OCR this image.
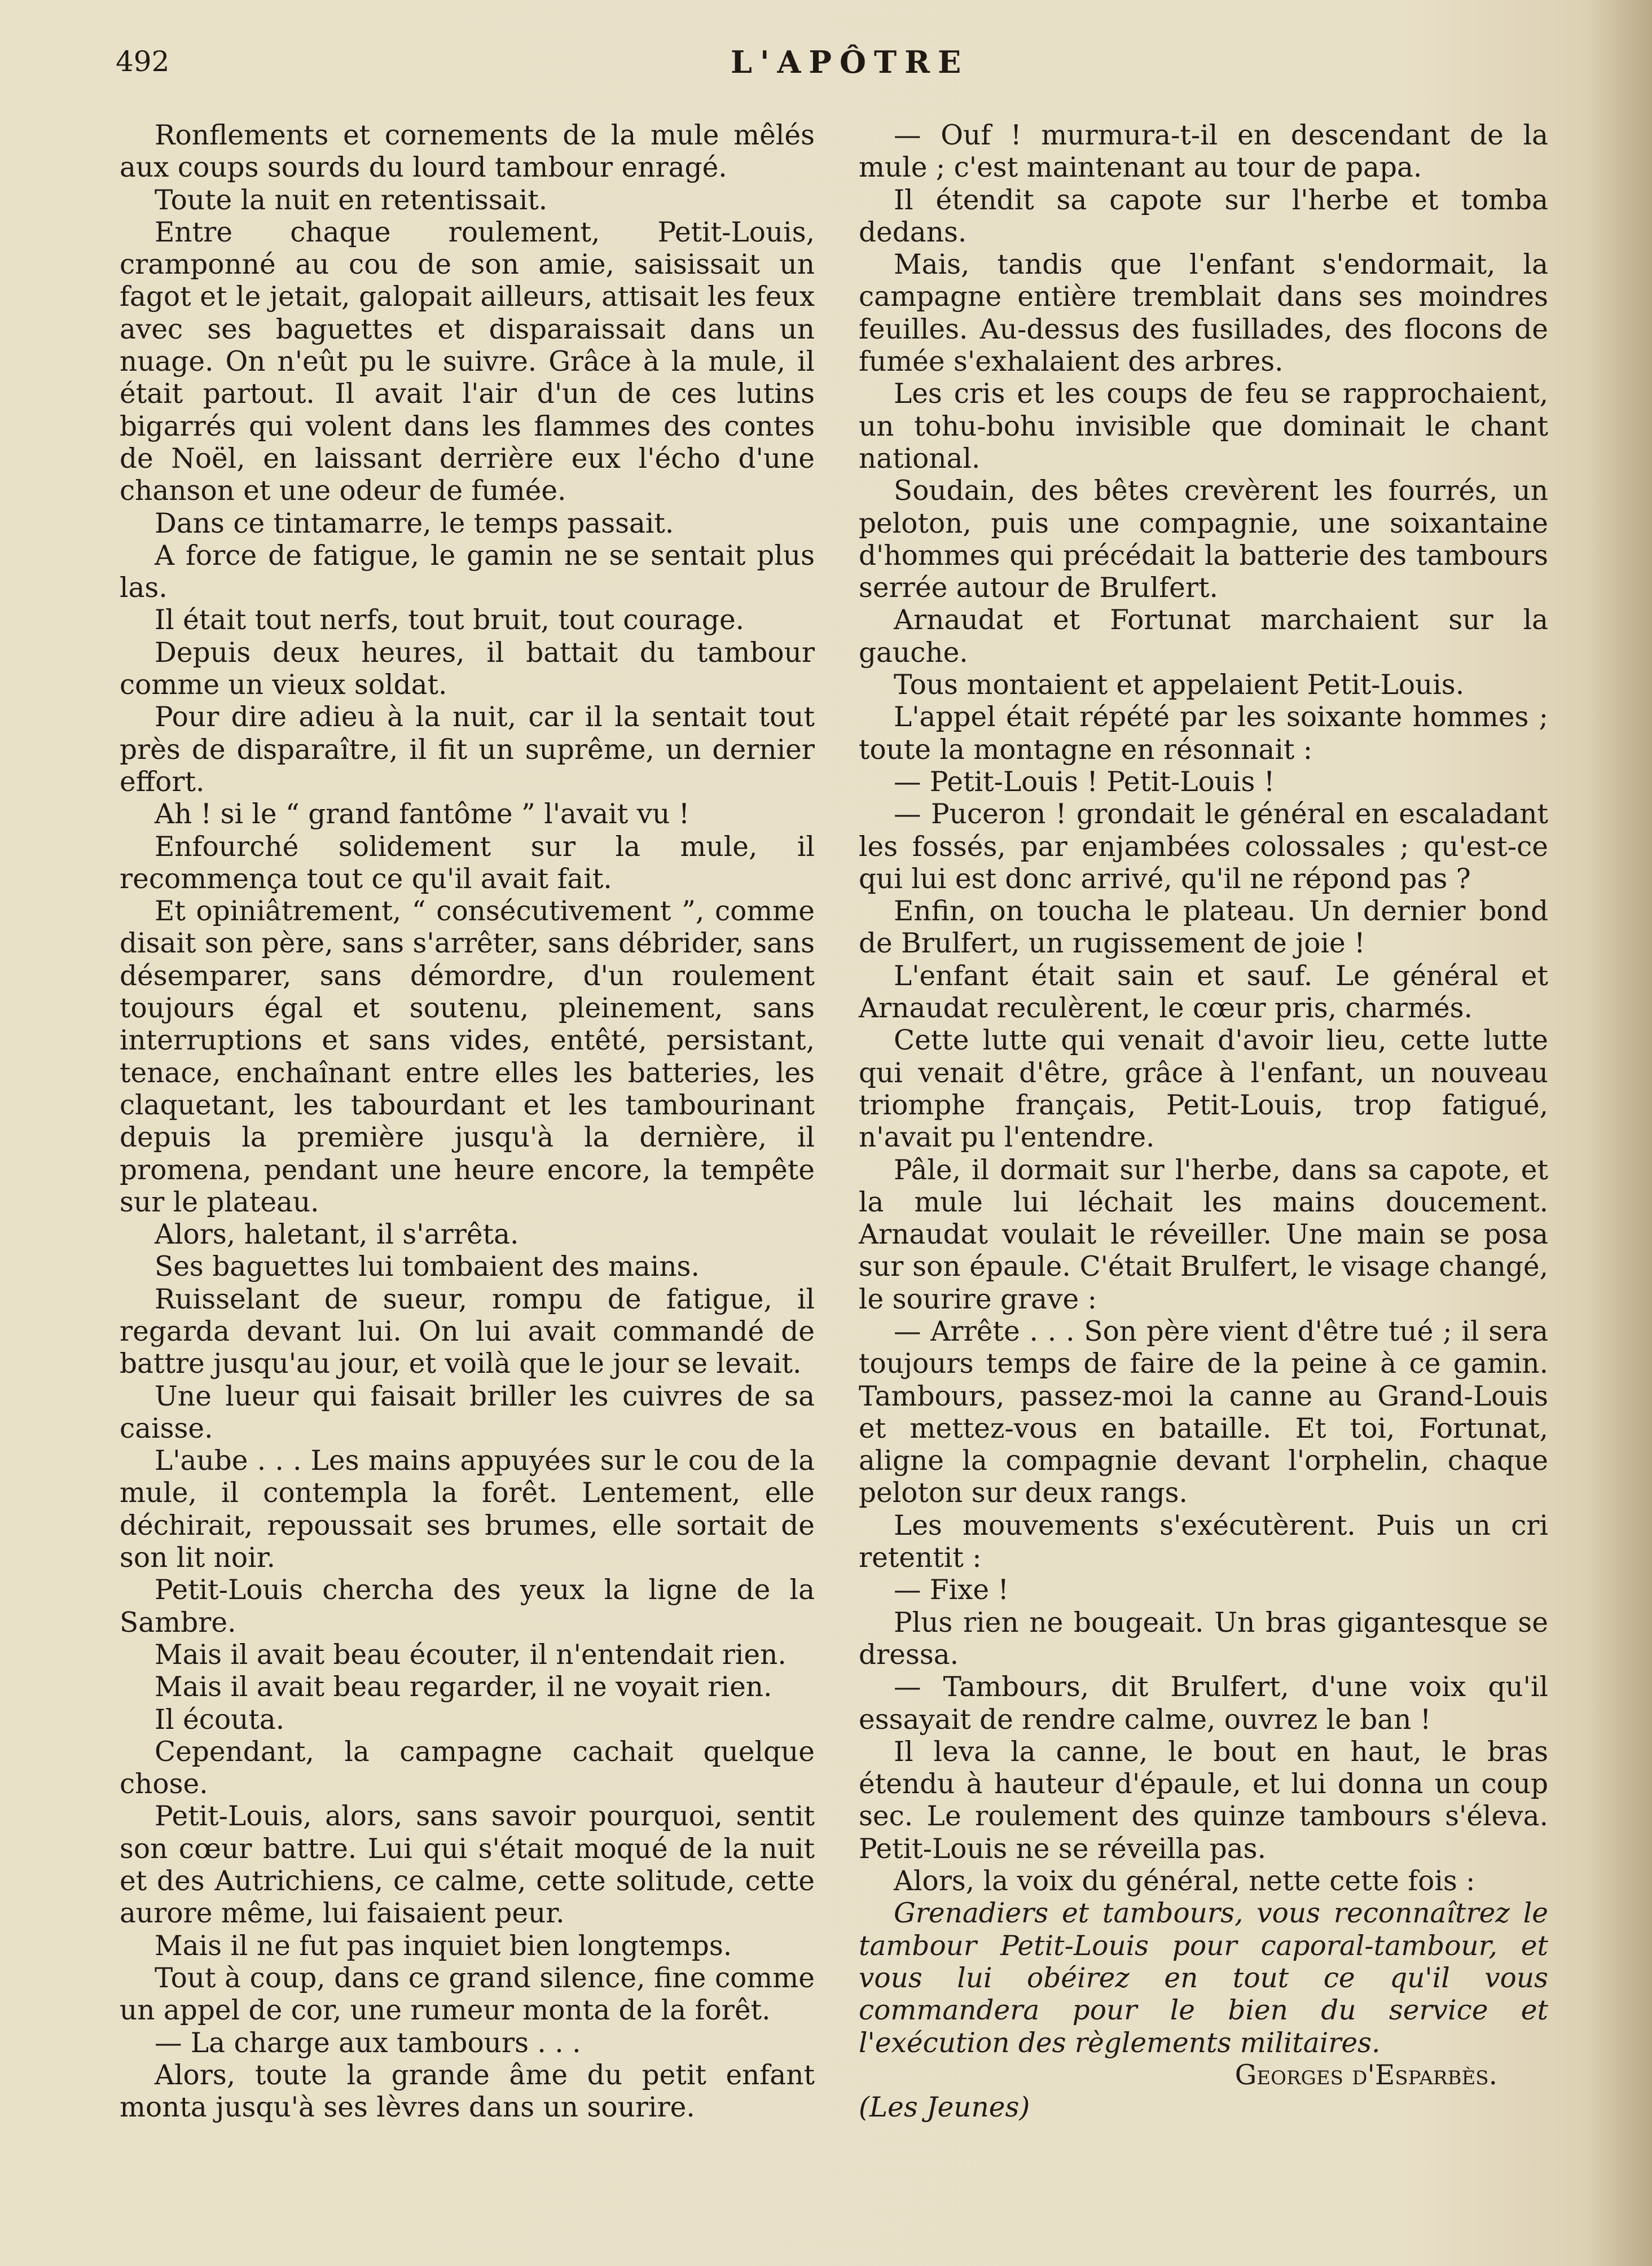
492	L'APÔTRE

Ronflements et cornements de la mule mêlés aux coups sourds du lourd tambour enragé.

Toute la nuit en retentissait.

Entre chaque roulement, Petit-Louis, cramponné au cou de son amie, saisissait un fagot et le jetait, galopait ailleurs, attisait les feux avec ses baguettes et disparaissait dans un nuage. On n'eût pu le suivre. Grâce à la mule, il était partout. Il avait l'air d'un de ces lutins bigarrés qui volent dans les flammes des contes de Noël, en laissant derrière eux l'écho d'une chanson et une odeur de fumée.

Dans ce tintamarre, le temps passait.

A force de fatigue, le gamin ne se sentait plus las.

Il était tout nerfs, tout bruit, tout courage.

Depuis deux heures, il battait du tambour comme un vieux soldat.

Pour dire adieu à la nuit, car il la sentait tout près de disparaître, il fit un suprême, un dernier effort.

Ah ! si le “ grand fantôme ” l'avait vu !

Enfourché solidement sur la mule, il recommença tout ce qu'il avait fait.

Et opiniâtrement, “ consécutivement ”, comme disait son père, sans s'arrêter, sans débrider, sans désemparer, sans démordre, d'un roulement toujours égal et soutenu, pleinement, sans interruptions et sans vides, entêté, persistant, tenace, enchaînant entre elles les batteries, les claquetant, les tabourdant et les tambourinant depuis la première jusqu'à la dernière, il promena, pendant une heure encore, la tempête sur le plateau.

Alors, haletant, il s'arrêta.

Ses baguettes lui tombaient des mains.

Ruisselant de sueur, rompu de fatigue, il regarda devant lui. On lui avait commandé de battre jusqu'au jour, et voilà que le jour se levait.

Une lueur qui faisait briller les cuivres de sa caisse.

L'aube . . . Les mains appuyées sur le cou de la mule, il contempla la forêt. Lentement, elle déchirait, repoussait ses brumes, elle sortait de son lit noir.

Petit-Louis chercha des yeux la ligne de la Sambre.

Mais il avait beau écouter, il n'entendait rien.

Mais il avait beau regarder, il ne voyait rien.

Il écouta.

Cependant, la campagne cachait quelque chose.

Petit-Louis, alors, sans savoir pourquoi, sentit son cœur battre. Lui qui s'était moqué de la nuit et des Autrichiens, ce calme, cette solitude, cette aurore même, lui faisaient peur.

Mais il ne fut pas inquiet bien longtemps.

Tout à coup, dans ce grand silence, fine comme un appel de cor, une rumeur monta de la forêt.

— La charge aux tambours . . .

Alors, toute la grande âme du petit enfant monta jusqu'à ses lèvres dans un sourire.

— Ouf ! murmura-t-il en descendant de la mule ; c'est maintenant au tour de papa.

Il étendit sa capote sur l'herbe et tomba dedans.

Mais, tandis que l'enfant s'endormait, la campagne entière tremblait dans ses moindres feuilles. Au-dessus des fusillades, des flocons de fumée s'exhalaient des arbres.

Les cris et les coups de feu se rapprochaient, un tohu-bohu invisible que dominait le chant national.

Soudain, des bêtes crevèrent les fourrés, un peloton, puis une compagnie, une soixantaine d'hommes qui précédait la batterie des tambours serrée autour de Brulfert.

Arnaudat et Fortunat marchaient sur la gauche.

Tous montaient et appelaient Petit-Louis.

L'appel était répété par les soixante hommes ; toute la montagne en résonnait :

— Petit-Louis ! Petit-Louis !

— Puceron ! grondait le général en escaladant les fossés, par enjambées colossales ; qu'est-ce qui lui est donc arrivé, qu'il ne répond pas ?

Enfin, on toucha le plateau. Un dernier bond de Brulfert, un rugissement de joie !

L'enfant était sain et sauf. Le général et Arnaudat reculèrent, le cœur pris, charmés.

Cette lutte qui venait d'avoir lieu, cette lutte qui venait d'être, grâce à l'enfant, un nouveau triomphe français, Petit-Louis, trop fatigué, n'avait pu l'entendre.

Pâle, il dormait sur l'herbe, dans sa capote, et la mule lui léchait les mains doucement. Arnaudat voulait le réveiller. Une main se posa sur son épaule. C'était Brulfert, le visage changé, le sourire grave :

— Arrête . . . Son père vient d'être tué ; il sera toujours temps de faire de la peine à ce gamin. Tambours, passez-moi la canne au Grand-Louis et mettez-vous en bataille. Et toi, Fortunat, aligne la compagnie devant l'orphelin, chaque peloton sur deux rangs.

Les mouvements s'exécutèrent. Puis un cri retentit :

— Fixe !

Plus rien ne bougeait. Un bras gigantesque se dressa.

— Tambours, dit Brulfert, d'une voix qu'il essayait de rendre calme, ouvrez le ban !

Il leva la canne, le bout en haut, le bras étendu à hauteur d'épaule, et lui donna un coup sec. Le roulement des quinze tambours s'éleva. Petit-Louis ne se réveilla pas.

Alors, la voix du général, nette cette fois :

Grenadiers et tambours, vous reconnaîtrez le tambour Petit-Louis pour caporal-tambour, et vous lui obéirez en tout ce qu'il vous commandera pour le bien du service et l'exécution des règlements militaires.

Georges d'Esparbès.

(Les Jeunes)
